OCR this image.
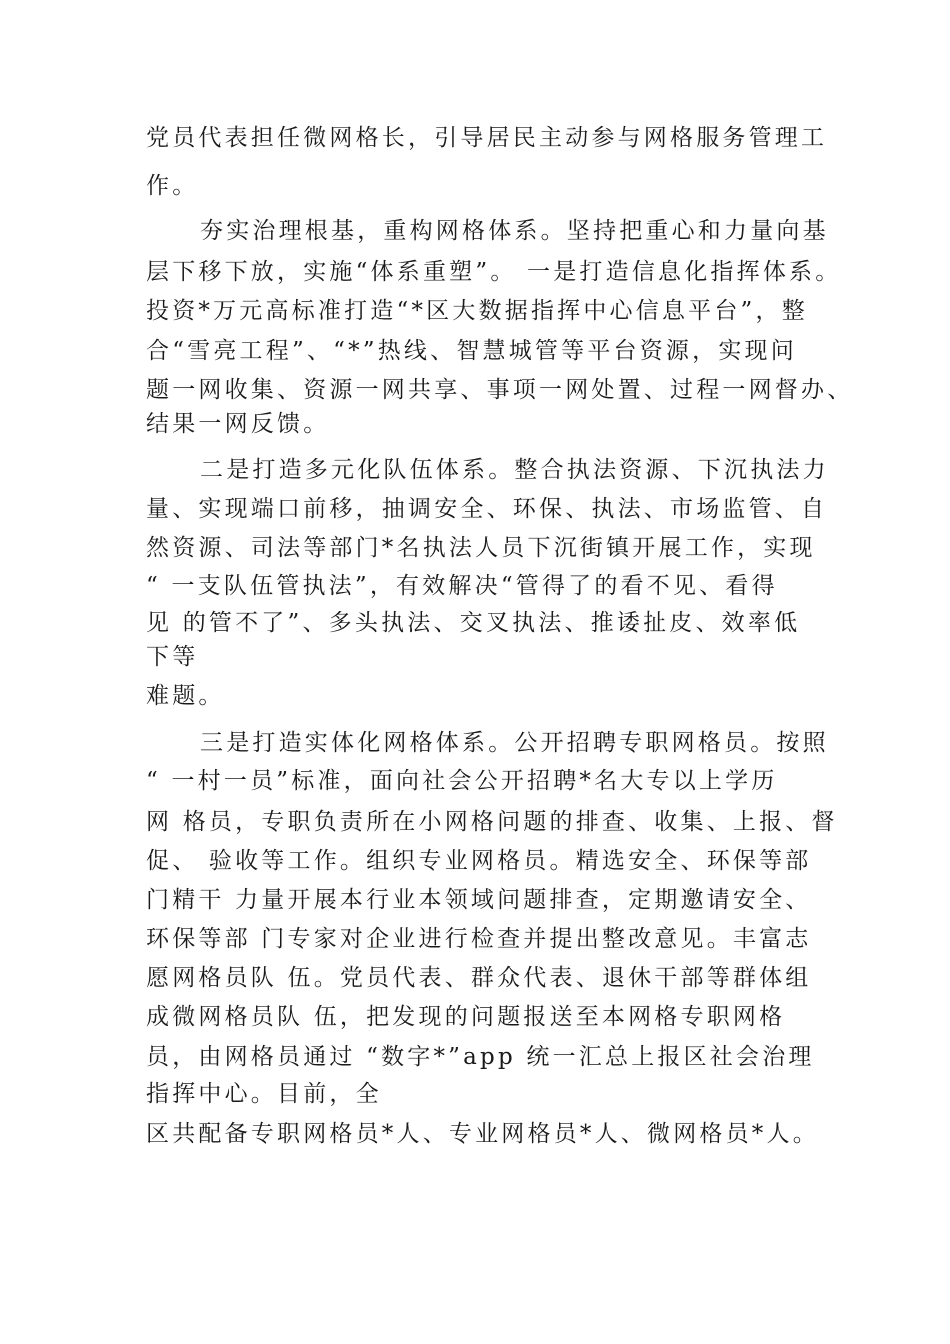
党员代表担任微网格长，引导居民主动参与网格服务管理工
作。
夯实治理根基，重构网格体系。坚持把重心和力量向基
层下移下放，实施“体系重塑”。 一是打造信息化指挥体系。
投资*万元高标准打造“*区大数据指挥中心信息平台”，整
合“雪亮工程”、“*”热线、智慧城管等平台资源，实现问
题一网收集、资源一网共享、事项一网处置、过程一网督办、
结果一网反馈。
二是打造多元化队伍体系。整合执法资源、下沉执法力
量、实现端口前移，抽调安全、环保、执法、市场监管、自
然资源、司法等部门*名执法人员下沉街镇开展工作，实现
“ 一支队伍管执法”，有效解决“管得了的看不见、看得
见 的管不了”、多头执法、交叉执法、推诿扯皮、效率低
下等
难题。
三是打造实体化网格体系。公开招聘专职网格员。按照
“ 一村一员”标准，面向社会公开招聘*名大专以上学历
网 格员，专职负责所在小网格问题的排查、收集、上报、督
促、 验收等工作。组织专业网格员。精选安全、环保等部
门精干 力量开展本行业本领域问题排查，定期邀请安全、
环保等部 门专家对企业进行检查并提出整改意见。丰富志
愿网格员队 伍。党员代表、群众代表、退休干部等群体组
成微网格员队 伍，把发现的问题报送至本网格专职网格
员，由网格员通过 “数字*”app 统一汇总上报区社会治理
指挥中心。目前，全
区共配备专职网格员*人、专业网格员*人、微网格员*人。
